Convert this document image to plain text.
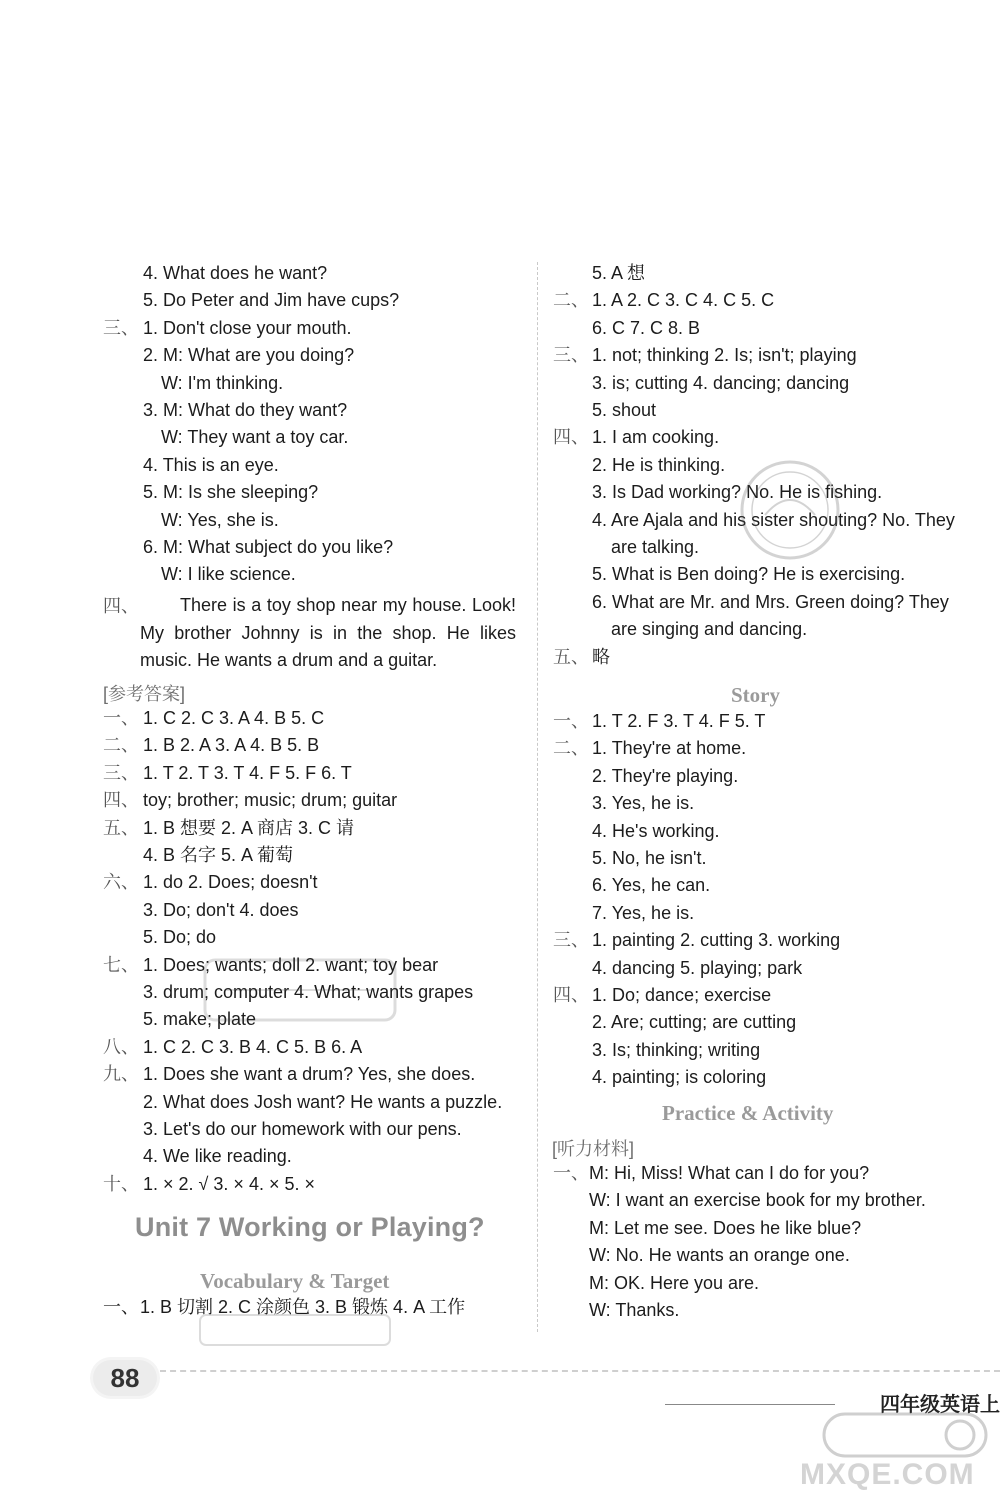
4. What does he want?
5. Do Peter and Jim have cups?
三、 1. Don't close your mouth.
2. M: What are you doing?
W: I'm thinking.
3. M: What do they want?
W: They want a toy car.
4. This is an eye.
5. M: Is she sleeping?
W: Yes, she is.
6. M: What subject do you like?
W: I like science.
四、	There is a toy shop near my house. Look! My brother Johnny is in the shop. He likes music. He wants a drum and a guitar.
[参考答案]
一、 1. C 2. C 3. A 4. B 5. C
二、 1. B 2. A 3. A 4. B 5. B
三、 1. T 2. T 3. T 4. F 5. F 6. T
四、 toy; brother; music; drum; guitar
五、 1. B 想要 2. A 商店 3. C 请
4. B 名字 5. A 葡萄
六、 1. do 2. Does; doesn't
3. Do; don't 4. does
5. Do; do
七、 1. Does; wants; doll 2. want; toy bear
3. drum; computer 4. What; wants grapes
5. make; plate
八、 1. C 2. C 3. B 4. C 5. B 6. A
九、 1. Does she want a drum? Yes, she does.
2. What does Josh want? He wants a puzzle.
3. Let's do our homework with our pens.
4. We like reading.
十、 1. × 2. √ 3. × 4. × 5. ×
Unit 7 Working or Playing?
Vocabulary & Target
一、1. B 切割 2. C 涂颜色 3. B 锻炼 4. A 工作
5. A 想
二、 1. A 2. C 3. C 4. C 5. C
6. C 7. C 8. B
三、 1. not; thinking 2. Is; isn't; playing
3. is; cutting 4. dancing; dancing
5. shout
四、 1. I am cooking.
2. He is thinking.
3. Is Dad working? No. He is fishing.
4. Are Ajala and his sister shouting? No. They
are talking.
5. What is Ben doing? He is exercising.
6. What are Mr. and Mrs. Green doing? They
are singing and dancing.
五、 略
Story
一、 1. T 2. F 3. T 4. F 5. T
二、 1. They're at home.
2. They're playing.
3. Yes, he is.
4. He's working.
5. No, he isn't.
6. Yes, he can.
7. Yes, he is.
三、 1. painting 2. cutting 3. working
4. dancing 5. playing; park
四、 1. Do; dance; exercise
2. Are; cutting; are cutting
3. Is; thinking; writing
4. painting; is coloring
Practice & Activity
[听力材料]
一、M: Hi, Miss! What can I do for you?
W: I want an exercise book for my brother.
M: Let me see. Does he like blue?
W: No. He wants an orange one.
M: OK. Here you are.
W: Thanks.
88
四年级英语上
MXQE.COM
